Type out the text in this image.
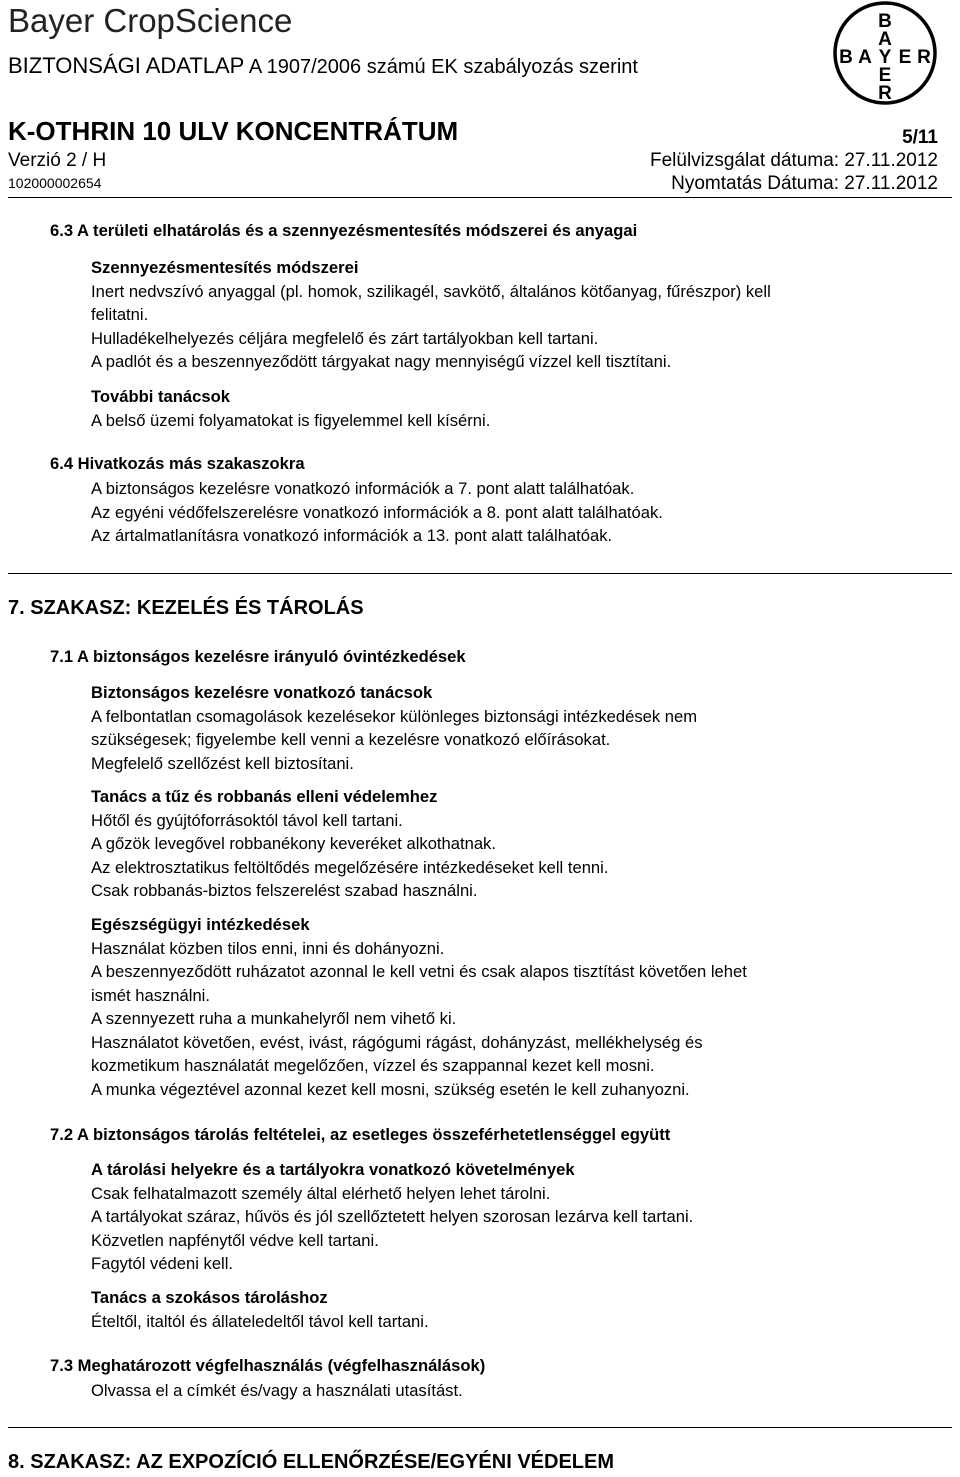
Bayer CropScience
BIZTONSÁGI ADATLAP A 1907/2006 számú EK szabályozás szerint
B
A
B A Y E R
E
R
K-OTHRIN 10 ULV KONCENTRÁTUM	5/11
Verzió 2 / H	Felülvizsgálat dátuma: 27.11.2012
102000002654	Nyomtatás Dátuma: 27.11.2012
6.3 A területi elhatárolás és a szennyezésmentesítés módszerei és anyagai
Szennyezésmentesítés módszerei
Inert nedvszívó anyaggal (pl. homok, szilikagél, savkötő, általános kötőanyag, fűrészpor) kell
felitatni.
Hulladékelhelyezés céljára megfelelő és zárt tartályokban kell tartani.
A padlót és a beszennyeződött tárgyakat nagy mennyiségű vízzel kell tisztítani.
További tanácsok
A belső üzemi folyamatokat is figyelemmel kell kísérni.
6.4 Hivatkozás más szakaszokra
A biztonságos kezelésre vonatkozó információk a 7. pont alatt találhatóak.
Az egyéni védőfelszerelésre vonatkozó információk a 8. pont alatt találhatóak.
Az ártalmatlanításra vonatkozó információk a 13. pont alatt találhatóak.
7. SZAKASZ: KEZELÉS ÉS TÁROLÁS
7.1 A biztonságos kezelésre irányuló óvintézkedések
Biztonságos kezelésre vonatkozó tanácsok
A felbontatlan csomagolások kezelésekor különleges biztonsági intézkedések nem
szükségesek; figyelembe kell venni a kezelésre vonatkozó előírásokat.
Megfelelő szellőzést kell biztosítani.
Tanács a tűz és robbanás elleni védelemhez
Hőtől és gyújtóforrásoktól távol kell tartani.
A gőzök levegővel robbanékony keveréket alkothatnak.
Az elektrosztatikus feltöltődés megelőzésére intézkedéseket kell tenni.
Csak robbanás-biztos felszerelést szabad használni.
Egészségügyi intézkedések
Használat közben tilos enni, inni és dohányozni.
A beszennyeződött ruházatot azonnal le kell vetni és csak alapos tisztítást követően lehet
ismét használni.
A szennyezett ruha a munkahelyről nem vihető ki.
Használatot követően, evést, ivást, rágógumi rágást, dohányzást, mellékhelység és
kozmetikum használatát megelőzően, vízzel és szappannal kezet kell mosni.
A munka végeztével azonnal kezet kell mosni, szükség esetén le kell zuhanyozni.
7.2 A biztonságos tárolás feltételei, az esetleges összeférhetetlenséggel együtt
A tárolási helyekre és a tartályokra vonatkozó követelmények
Csak felhatalmazott személy által elérhető helyen lehet tárolni.
A tartályokat száraz, hűvös és jól szellőztetett helyen szorosan lezárva kell tartani.
Közvetlen napfénytől védve kell tartani.
Fagytól védeni kell.
Tanács a szokásos tároláshoz
Ételtől, italtól és állateledeltől távol kell tartani.
7.3 Meghatározott végfelhasználás (végfelhasználások)
Olvassa el a címkét és/vagy a használati utasítást.
8. SZAKASZ: AZ EXPOZÍCIÓ ELLENŐRZÉSE/EGYÉNI VÉDELEM
